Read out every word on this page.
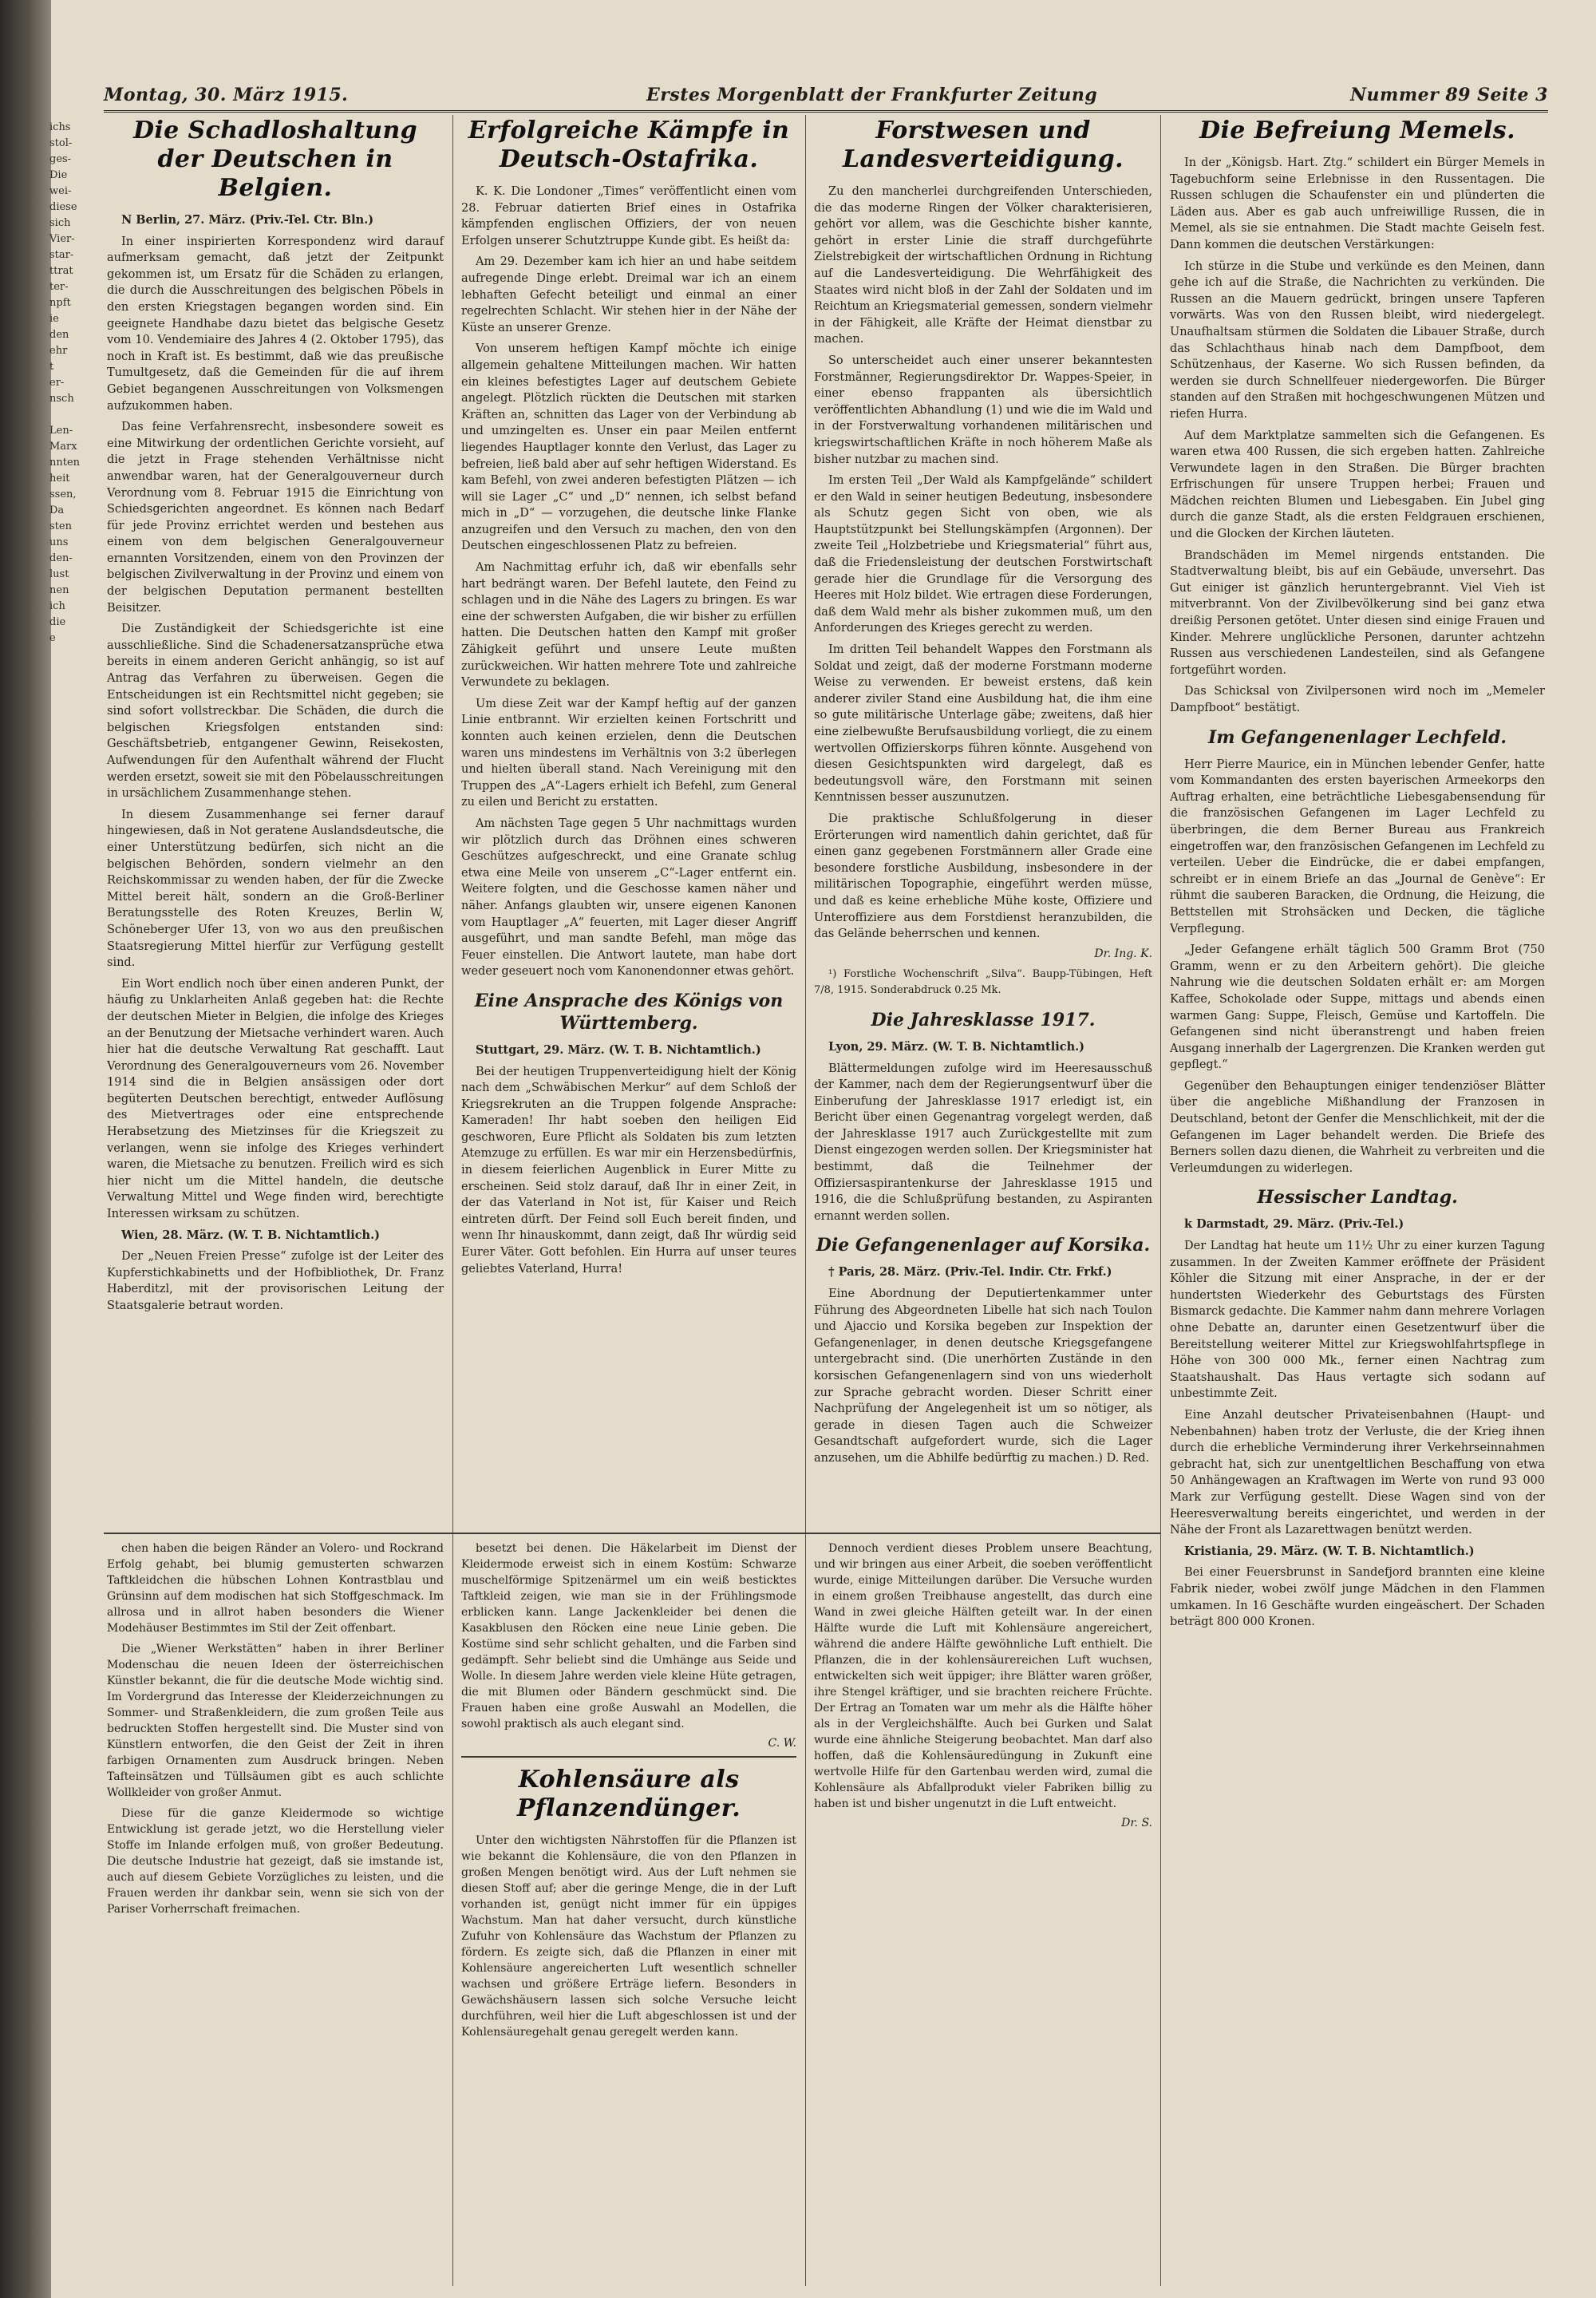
ichs
stol-
ges-
Die
wei-
diese
sich
Vier-
star-
ttrat
ter-
npft
ie
den
ehr
t
er-
nsch

Len-
Marx
nnten
heit
ssen,
Da
sten
uns
den-
lust
nen
ich
die
e
Montag, 30. März 1915.	Erstes Morgenblatt der Frankfurter Zeitung	Nummer 89 Seite 3
Die Schadloshaltung der Deutschen in Belgien.

N Berlin, 27. März. (Priv.-Tel. Ctr. Bln.)

In einer inspirierten Korrespondenz wird darauf aufmerksam gemacht, daß jetzt der Zeitpunkt gekommen ist, um Ersatz für die Schäden zu erlangen, die durch die Ausschreitungen des belgischen Pöbels in den ersten Kriegstagen begangen worden sind. Ein geeignete Handhabe dazu bietet das belgische Gesetz vom 10. Vendemiaire des Jahres 4 (2. Oktober 1795), das noch in Kraft ist. Es bestimmt, daß wie das preußische Tumultgesetz, daß die Gemeinden für die auf ihrem Gebiet begangenen Ausschreitungen von Volksmengen aufzukommen haben.

Das feine Verfahrensrecht, insbesondere soweit es eine Mitwirkung der ordentlichen Gerichte vorsieht, auf die jetzt in Frage stehenden Verhältnisse nicht anwendbar waren, hat der Generalgouverneur durch Verordnung vom 8. Februar 1915 die Einrichtung von Schiedsgerichten angeordnet. Es können nach Bedarf für jede Provinz errichtet werden und bestehen aus einem von dem belgischen Generalgouverneur ernannten Vorsitzenden, einem von den Provinzen der belgischen Zivilverwaltung in der Provinz und einem von der belgischen Deputation permanent bestellten Beisitzer.

Die Zuständigkeit der Schiedsgerichte ist eine ausschließliche. Sind die Schadenersatzansprüche etwa bereits in einem anderen Gericht anhängig, so ist auf Antrag das Verfahren zu überweisen. Gegen die Entscheidungen ist ein Rechtsmittel nicht gegeben; sie sind sofort vollstreckbar. Die Schäden, die durch die belgischen Kriegsfolgen entstanden sind: Geschäftsbetrieb, entgangener Gewinn, Reisekosten, Aufwendungen für den Aufenthalt während der Flucht werden ersetzt, soweit sie mit den Pöbelausschreitungen in ursächlichem Zusammenhange stehen.

In diesem Zusammenhange sei ferner darauf hingewiesen, daß in Not geratene Auslandsdeutsche, die einer Unterstützung bedürfen, sich nicht an die belgischen Behörden, sondern vielmehr an den Reichskommissar zu wenden haben, der für die Zwecke Mittel bereit hält, sondern an die Groß-Berliner Beratungsstelle des Roten Kreuzes, Berlin W, Schöneberger Ufer 13, von wo aus den preußischen Staatsregierung Mittel hierfür zur Verfügung gestellt sind.

Ein Wort endlich noch über einen anderen Punkt, der häufig zu Unklarheiten Anlaß gegeben hat: die Rechte der deutschen Mieter in Belgien, die infolge des Krieges an der Benutzung der Mietsache verhindert waren. Auch hier hat die deutsche Verwaltung Rat geschafft. Laut Verordnung des Generalgouverneurs vom 26. November 1914 sind die in Belgien ansässigen oder dort begüterten Deutschen berechtigt, entweder Auflösung des Mietvertrages oder eine entsprechende Herabsetzung des Mietzinses für die Kriegszeit zu verlangen, wenn sie infolge des Krieges verhindert waren, die Mietsache zu benutzen. Freilich wird es sich hier nicht um die Mittel handeln, die deutsche Verwaltung Mittel und Wege finden wird, berechtigte Interessen wirksam zu schützen.

Wien, 28. März. (W. T. B. Nichtamtlich.)

Der „Neuen Freien Presse“ zufolge ist der Leiter des Kupferstichkabinetts und der Hofbibliothek, Dr. Franz Haberditzl, mit der provisorischen Leitung der Staatsgalerie betraut worden.

Erfolgreiche Kämpfe in Deutsch-Ostafrika.

K. K. Die Londoner „Times“ veröffentlicht einen vom 28. Februar datierten Brief eines in Ostafrika kämpfenden englischen Offiziers, der von neuen Erfolgen unserer Schutztruppe Kunde gibt. Es heißt da:

Am 29. Dezember kam ich hier an und habe seitdem aufregende Dinge erlebt. Dreimal war ich an einem lebhaften Gefecht beteiligt und einmal an einer regelrechten Schlacht. Wir stehen hier in der Nähe der Küste an unserer Grenze.

Von unserem heftigen Kampf möchte ich einige allgemein gehaltene Mitteilungen machen. Wir hatten ein kleines befestigtes Lager auf deutschem Gebiete angelegt. Plötzlich rückten die Deutschen mit starken Kräften an, schnitten das Lager von der Verbindung ab und umzingelten es. Unser ein paar Meilen entfernt liegendes Hauptlager konnte den Verlust, das Lager zu befreien, ließ bald aber auf sehr heftigen Widerstand. Es kam Befehl, von zwei anderen befestigten Plätzen — ich will sie Lager „C“ und „D“ nennen, ich selbst befand mich in „D“ — vorzugehen, die deutsche linke Flanke anzugreifen und den Versuch zu machen, den von den Deutschen eingeschlossenen Platz zu befreien.

Am Nachmittag erfuhr ich, daß wir ebenfalls sehr hart bedrängt waren. Der Befehl lautete, den Feind zu schlagen und in die Nähe des Lagers zu bringen. Es war eine der schwersten Aufgaben, die wir bisher zu erfüllen hatten. Die Deutschen hatten den Kampf mit großer Zähigkeit geführt und unsere Leute mußten zurückweichen. Wir hatten mehrere Tote und zahlreiche Verwundete zu beklagen.

Um diese Zeit war der Kampf heftig auf der ganzen Linie entbrannt. Wir erzielten keinen Fortschritt und konnten auch keinen erzielen, denn die Deutschen waren uns mindestens im Verhältnis von 3:2 überlegen und hielten überall stand. Nach Vereinigung mit den Truppen des „A“-Lagers erhielt ich Befehl, zum General zu eilen und Bericht zu erstatten.

Am nächsten Tage gegen 5 Uhr nachmittags wurden wir plötzlich durch das Dröhnen eines schweren Geschützes aufgeschreckt, und eine Granate schlug etwa eine Meile von unserem „C“-Lager entfernt ein. Weitere folgten, und die Geschosse kamen näher und näher. Anfangs glaubten wir, unsere eigenen Kanonen vom Hauptlager „A“ feuerten, mit Lager dieser Angriff ausgeführt, und man sandte Befehl, man möge das Feuer einstellen. Die Antwort lautete, man habe dort weder geseuert noch vom Kanonendonner etwas gehört.

Eine Ansprache des Königs von Württemberg.

Stuttgart, 29. März. (W. T. B. Nichtamtlich.)

Bei der heutigen Truppenverteidigung hielt der König nach dem „Schwäbischen Merkur“ auf dem Schloß der Kriegsrekruten an die Truppen folgende Ansprache: Kameraden! Ihr habt soeben den heiligen Eid geschworen, Eure Pflicht als Soldaten bis zum letzten Atemzuge zu erfüllen. Es war mir ein Herzensbedürfnis, in diesem feierlichen Augenblick in Eurer Mitte zu erscheinen. Seid stolz darauf, daß Ihr in einer Zeit, in der das Vaterland in Not ist, für Kaiser und Reich eintreten dürft. Der Feind soll Euch bereit finden, und wenn Ihr hinauskommt, dann zeigt, daß Ihr würdig seid Eurer Väter. Gott befohlen. Ein Hurra auf unser teures geliebtes Vaterland, Hurra!

Forstwesen und Landesverteidigung.

Zu den mancherlei durchgreifenden Unterschieden, die das moderne Ringen der Völker charakterisieren, gehört vor allem, was die Geschichte bisher kannte, gehört in erster Linie die straff durchgeführte Zielstrebigkeit der wirtschaftlichen Ordnung in Richtung auf die Landesverteidigung. Die Wehrfähigkeit des Staates wird nicht bloß in der Zahl der Soldaten und im Reichtum an Kriegsmaterial gemessen, sondern vielmehr in der Fähigkeit, alle Kräfte der Heimat dienstbar zu machen.

So unterscheidet auch einer unserer bekanntesten Forstmänner, Regierungsdirektor Dr. Wappes-Speier, in einer ebenso frappanten als übersichtlich veröffentlichten Abhandlung (1) und wie die im Wald und in der Forstverwaltung vorhandenen militärischen und kriegswirtschaftlichen Kräfte in noch höherem Maße als bisher nutzbar zu machen sind.

Im ersten Teil „Der Wald als Kampfgelände“ schildert er den Wald in seiner heutigen Bedeutung, insbesondere als Schutz gegen Sicht von oben, wie als Hauptstützpunkt bei Stellungskämpfen (Argonnen). Der zweite Teil „Holzbetriebe und Kriegsmaterial“ führt aus, daß die Friedensleistung der deutschen Forstwirtschaft gerade hier die Grundlage für die Versorgung des Heeres mit Holz bildet. Wie ertragen diese Forderungen, daß dem Wald mehr als bisher zukommen muß, um den Anforderungen des Krieges gerecht zu werden.

Im dritten Teil behandelt Wappes den Forstmann als Soldat und zeigt, daß der moderne Forstmann moderne Weise zu verwenden. Er beweist erstens, daß kein anderer ziviler Stand eine Ausbildung hat, die ihm eine so gute militärische Unterlage gäbe; zweitens, daß hier eine zielbewußte Berufsausbildung vorliegt, die zu einem wertvollen Offizierskorps führen könnte. Ausgehend von diesen Gesichtspunkten wird dargelegt, daß es bedeutungsvoll wäre, den Forstmann mit seinen Kenntnissen besser auszunutzen.

Die praktische Schlußfolgerung in dieser Erörterungen wird namentlich dahin gerichtet, daß für einen ganz gegebenen Forstmännern aller Grade eine besondere forstliche Ausbildung, insbesondere in der militärischen Topographie, eingeführt werden müsse, und daß es keine erhebliche Mühe koste, Offiziere und Unteroffiziere aus dem Forstdienst heranzubilden, die das Gelände beherrschen und kennen.

Dr. Ing. K.

¹) Forstliche Wochenschrift „Silva“. Baupp-Tübingen, Heft 7/8, 1915. Sonderabdruck 0.25 Mk.

Die Jahresklasse 1917.

Lyon, 29. März. (W. T. B. Nichtamtlich.)

Blättermeldungen zufolge wird im Heeresausschuß der Kammer, nach dem der Regierungsentwurf über die Einberufung der Jahresklasse 1917 erledigt ist, ein Bericht über einen Gegenantrag vorgelegt werden, daß der Jahresklasse 1917 auch Zurückgestellte mit zum Dienst eingezogen werden sollen. Der Kriegsminister hat bestimmt, daß die Teilnehmer der Offiziersaspirantenkurse der Jahresklasse 1915 und 1916, die die Schlußprüfung bestanden, zu Aspiranten ernannt werden sollen.

Die Gefangenenlager auf Korsika.

† Paris, 28. März. (Priv.-Tel. Indir. Ctr. Frkf.)

Eine Abordnung der Deputiertenkammer unter Führung des Abgeordneten Libelle hat sich nach Toulon und Ajaccio und Korsika begeben zur Inspektion der Gefangenenlager, in denen deutsche Kriegsgefangene untergebracht sind. (Die unerhörten Zustände in den korsischen Gefangenenlagern sind von uns wiederholt zur Sprache gebracht worden. Dieser Schritt einer Nachprüfung der Angelegenheit ist um so nötiger, als gerade in diesen Tagen auch die Schweizer Gesandtschaft aufgefordert wurde, sich die Lager anzusehen, um die Abhilfe bedürftig zu machen.) D. Red.

Die Befreiung Memels.

In der „Königsb. Hart. Ztg.“ schildert ein Bürger Memels in Tagebuchform seine Erlebnisse in den Russentagen. Die Russen schlugen die Schaufenster ein und plünderten die Läden aus. Aber es gab auch unfreiwillige Russen, die in Memel, als sie sie entnahmen. Die Stadt machte Geiseln fest. Dann kommen die deutschen Verstärkungen:

Ich stürze in die Stube und verkünde es den Meinen, dann gehe ich auf die Straße, die Nachrichten zu verkünden. Die Russen an die Mauern gedrückt, bringen unsere Tapferen vorwärts. Was von den Russen bleibt, wird niedergelegt. Unaufhaltsam stürmen die Soldaten die Libauer Straße, durch das Schlachthaus hinab nach dem Dampfboot, dem Schützenhaus, der Kaserne. Wo sich Russen befinden, da werden sie durch Schnellfeuer niedergeworfen. Die Bürger standen auf den Straßen mit hochgeschwungenen Mützen und riefen Hurra.

Auf dem Marktplatze sammelten sich die Gefangenen. Es waren etwa 400 Russen, die sich ergeben hatten. Zahlreiche Verwundete lagen in den Straßen. Die Bürger brachten Erfrischungen für unsere Truppen herbei; Frauen und Mädchen reichten Blumen und Liebesgaben. Ein Jubel ging durch die ganze Stadt, als die ersten Feldgrauen erschienen, und die Glocken der Kirchen läuteten.

Brandschäden im Memel nirgends entstanden. Die Stadtverwaltung bleibt, bis auf ein Gebäude, unversehrt. Das Gut einiger ist gänzlich heruntergebrannt. Viel Vieh ist mitverbrannt. Von der Zivilbevölkerung sind bei ganz etwa dreißig Personen getötet. Unter diesen sind einige Frauen und Kinder. Mehrere unglückliche Personen, darunter achtzehn Russen aus verschiedenen Landesteilen, sind als Gefangene fortgeführt worden.

Das Schicksal von Zivilpersonen wird noch im „Memeler Dampfboot“ bestätigt.

Im Gefangenenlager Lechfeld.

Herr Pierre Maurice, ein in München lebender Genfer, hatte vom Kommandanten des ersten bayerischen Armeekorps den Auftrag erhalten, eine beträchtliche Liebesgabensendung für die französischen Gefangenen im Lager Lechfeld zu überbringen, die dem Berner Bureau aus Frankreich eingetroffen war, den französischen Gefangenen im Lechfeld zu verteilen. Ueber die Eindrücke, die er dabei empfangen, schreibt er in einem Briefe an das „Journal de Genève“: Er rühmt die sauberen Baracken, die Ordnung, die Heizung, die Bettstellen mit Strohsäcken und Decken, die tägliche Verpflegung.

„Jeder Gefangene erhält täglich 500 Gramm Brot (750 Gramm, wenn er zu den Arbeitern gehört). Die gleiche Nahrung wie die deutschen Soldaten erhält er: am Morgen Kaffee, Schokolade oder Suppe, mittags und abends einen warmen Gang: Suppe, Fleisch, Gemüse und Kartoffeln. Die Gefangenen sind nicht überanstrengt und haben freien Ausgang innerhalb der Lagergrenzen. Die Kranken werden gut gepflegt.“

Gegenüber den Behauptungen einiger tendenziöser Blätter über die angebliche Mißhandlung der Franzosen in Deutschland, betont der Genfer die Menschlichkeit, mit der die Gefangenen im Lager behandelt werden. Die Briefe des Berners sollen dazu dienen, die Wahrheit zu verbreiten und die Verleumdungen zu widerlegen.

Hessischer Landtag.

k Darmstadt, 29. März. (Priv.-Tel.)

Der Landtag hat heute um 11½ Uhr zu einer kurzen Tagung zusammen. In der Zweiten Kammer eröffnete der Präsident Köhler die Sitzung mit einer Ansprache, in der er der hundertsten Wiederkehr des Geburtstags des Fürsten Bismarck gedachte. Die Kammer nahm dann mehrere Vorlagen ohne Debatte an, darunter einen Gesetzentwurf über die Bereitstellung weiterer Mittel zur Kriegswohlfahrtspflege in Höhe von 300 000 Mk., ferner einen Nachtrag zum Staatshaushalt. Das Haus vertagte sich sodann auf unbestimmte Zeit.

Eine Anzahl deutscher Privateisenbahnen (Haupt- und Nebenbahnen) haben trotz der Verluste, die der Krieg ihnen durch die erhebliche Verminderung ihrer Verkehrseinnahmen gebracht hat, sich zur unentgeltlichen Beschaffung von etwa 50 Anhängewagen an Kraftwagen im Werte von rund 93 000 Mark zur Verfügung gestellt. Diese Wagen sind von der Heeresverwaltung bereits eingerichtet, und werden in der Nähe der Front als Lazarettwagen benützt werden.

Kristiania, 29. März. (W. T. B. Nichtamtlich.)

Bei einer Feuersbrunst in Sandefjord brannten eine kleine Fabrik nieder, wobei zwölf junge Mädchen in den Flammen umkamen. In 16 Geschäfte wurden eingeäschert. Der Schaden beträgt 800 000 Kronen.

chen haben die beigen Ränder an Volero- und Rockrand Erfolg gehabt, bei blumig gemusterten schwarzen Taftkleidchen die hübschen Lohnen Kontrastblau und Grünsinn auf dem modischen hat sich Stoffgeschmack. Im allrosa und in allrot haben besonders die Wiener Modehäuser Bestimmtes im Stil der Zeit offenbart.

Die „Wiener Werkstätten“ haben in ihrer Berliner Modenschau die neuen Ideen der österreichischen Künstler bekannt, die für die deutsche Mode wichtig sind. Im Vordergrund das Interesse der Kleiderzeichnungen zu Sommer- und Straßenkleidern, die zum großen Teile aus bedruckten Stoffen hergestellt sind. Die Muster sind von Künstlern entworfen, die den Geist der Zeit in ihren farbigen Ornamenten zum Ausdruck bringen. Neben Tafteinsätzen und Tüllsäumen gibt es auch schlichte Wollkleider von großer Anmut.

Diese für die ganze Kleidermode so wichtige Entwicklung ist gerade jetzt, wo die Herstellung vieler Stoffe im Inlande erfolgen muß, von großer Bedeutung. Die deutsche Industrie hat gezeigt, daß sie imstande ist, auch auf diesem Gebiete Vorzügliches zu leisten, und die Frauen werden ihr dankbar sein, wenn sie sich von der Pariser Vorherrschaft freimachen.

besetzt bei denen. Die Häkelarbeit im Dienst der Kleidermode erweist sich in einem Kostüm: Schwarze muschelförmige Spitzenärmel um ein weiß besticktes Taftkleid zeigen, wie man sie in der Frühlingsmode erblicken kann. Lange Jackenkleider bei denen die Kasakblusen den Röcken eine neue Linie geben. Die Kostüme sind sehr schlicht gehalten, und die Farben sind gedämpft. Sehr beliebt sind die Umhänge aus Seide und Wolle. In diesem Jahre werden viele kleine Hüte getragen, die mit Blumen oder Bändern geschmückt sind. Die Frauen haben eine große Auswahl an Modellen, die sowohl praktisch als auch elegant sind.

C. W.
Kohlensäure als Pflanzendünger.

Unter den wichtigsten Nährstoffen für die Pflanzen ist wie bekannt die Kohlensäure, die von den Pflanzen in großen Mengen benötigt wird. Aus der Luft nehmen sie diesen Stoff auf; aber die geringe Menge, die in der Luft vorhanden ist, genügt nicht immer für ein üppiges Wachstum. Man hat daher versucht, durch künstliche Zufuhr von Kohlensäure das Wachstum der Pflanzen zu fördern. Es zeigte sich, daß die Pflanzen in einer mit Kohlensäure angereicherten Luft wesentlich schneller wachsen und größere Erträge liefern. Besonders in Gewächshäusern lassen sich solche Versuche leicht durchführen, weil hier die Luft abgeschlossen ist und der Kohlensäuregehalt genau geregelt werden kann.

Dennoch verdient dieses Problem unsere Beachtung, und wir bringen aus einer Arbeit, die soeben veröffentlicht wurde, einige Mitteilungen darüber. Die Versuche wurden in einem großen Treibhause angestellt, das durch eine Wand in zwei gleiche Hälften geteilt war. In der einen Hälfte wurde die Luft mit Kohlensäure angereichert, während die andere Hälfte gewöhnliche Luft enthielt. Die Pflanzen, die in der kohlensäurereichen Luft wuchsen, entwickelten sich weit üppiger; ihre Blätter waren größer, ihre Stengel kräftiger, und sie brachten reichere Früchte. Der Ertrag an Tomaten war um mehr als die Hälfte höher als in der Vergleichshälfte. Auch bei Gurken und Salat wurde eine ähnliche Steigerung beobachtet. Man darf also hoffen, daß die Kohlensäuredüngung in Zukunft eine wertvolle Hilfe für den Gartenbau werden wird, zumal die Kohlensäure als Abfallprodukt vieler Fabriken billig zu haben ist und bisher ungenutzt in die Luft entweicht.

Dr. S.
